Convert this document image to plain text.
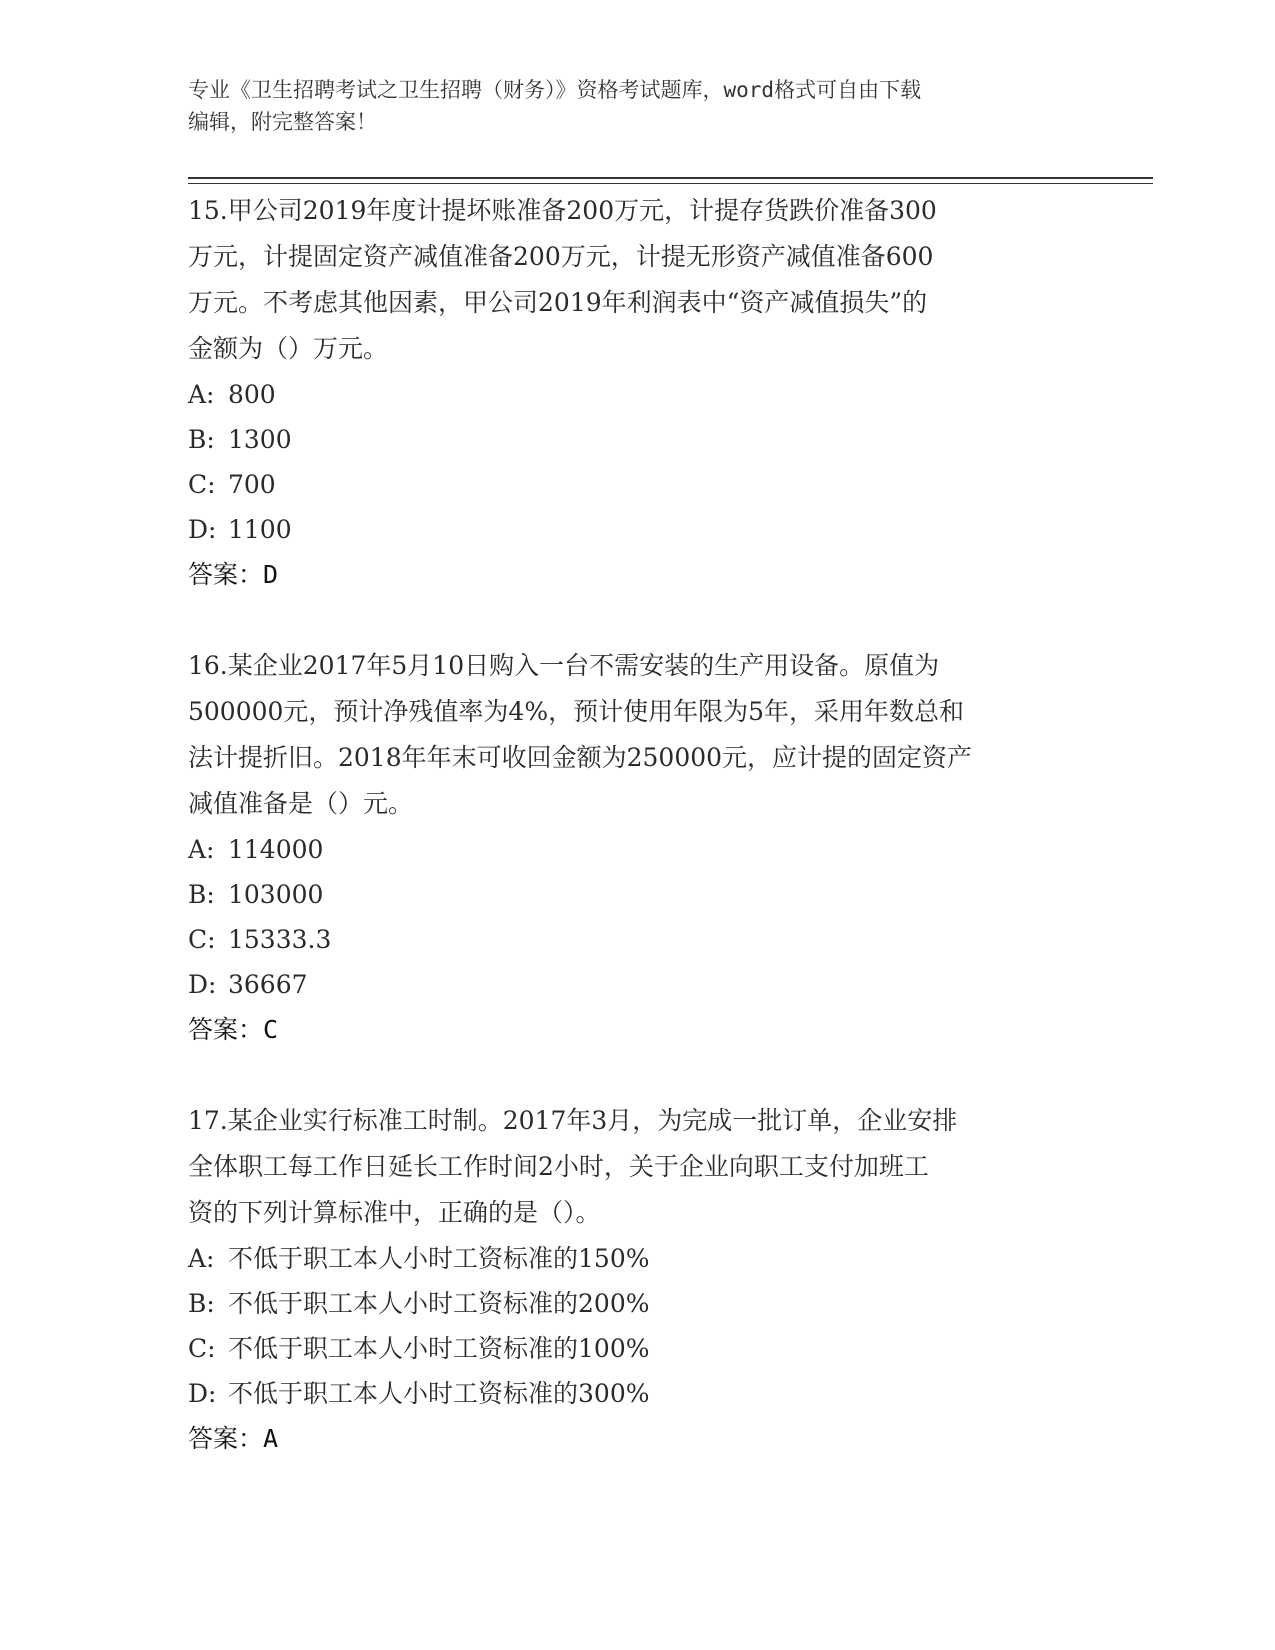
专业《卫生招聘考试之卫生招聘（财务）》资格考试题库，word格式可自由下载
编辑，附完整答案！

15.甲公司2019年度计提坏账准备200万元，计提存货跌价准备300

万元，计提固定资产减值准备200万元，计提无形资产减值准备600

万元。不考虑其他因素，甲公司2019年利润表中“资产减值损失”的

金额为（）万元。

A: 800

B: 1300

C: 700

D: 1100

答案：D

16.某企业2017年5月10日购入一台不需安装的生产用设备。原值为

500000元，预计净残值率为4%，预计使用年限为5年，采用年数总和

法计提折旧。2018年年末可收回金额为250000元，应计提的固定资产

减值准备是（）元。

A: 114000

B: 103000

C: 15333.3

D: 36667

答案：C

17.某企业实行标准工时制。2017年3月，为完成一批订单，企业安排

全体职工每工作日延长工作时间2小时，关于企业向职工支付加班工

资的下列计算标准中，正确的是（）。

A: 不低于职工本人小时工资标准的150%

B: 不低于职工本人小时工资标准的200%

C: 不低于职工本人小时工资标准的100%

D: 不低于职工本人小时工资标准的300%

答案：A
